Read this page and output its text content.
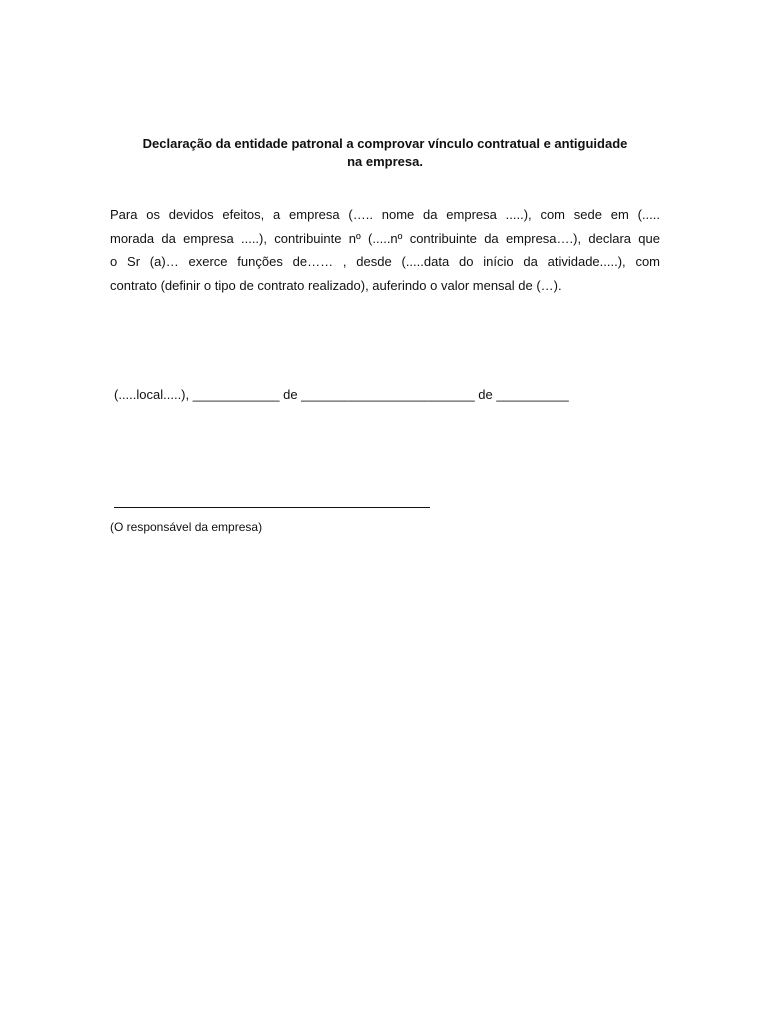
Declaração da entidade patronal a comprovar vínculo contratual e antiguidade
na empresa.

Para os devidos efeitos, a empresa (….. nome da empresa .....), com sede em (.....
morada da empresa .....), contribuinte nº (.....nº contribuinte da empresa….), declara que
o Sr (a)… exerce funções de…… , desde (.....data do início da atividade.....), com
contrato (definir o tipo de contrato realizado), auferindo o valor mensal de (…).

(.....local.....), ____________ de ________________________ de __________

(O responsável da empresa)
